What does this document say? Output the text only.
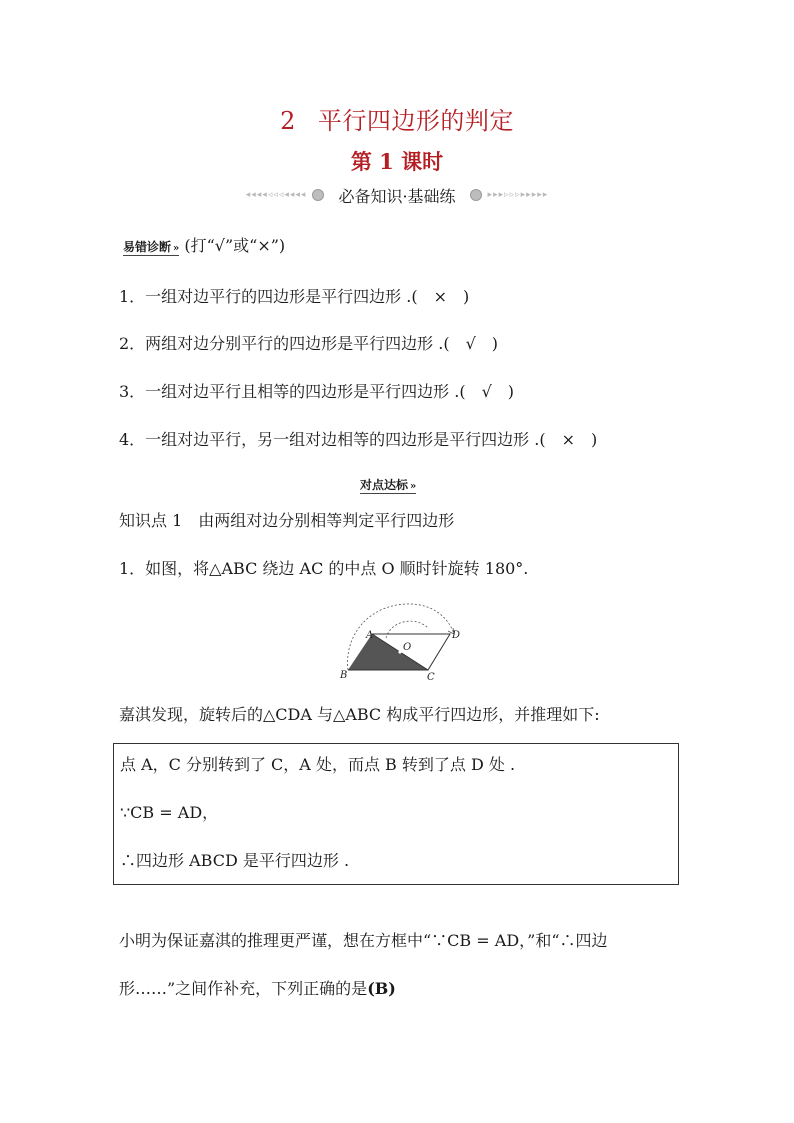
2 平行四边形的判定
第 1 课时
◂◂◂◂◃◃◃◂◂◂◂ 必备知识·基础练	▸▸▸▹▹▹▸▸▸▸▸
易错诊断 » (打“√”或“×”)
1．一组对边平行的四边形是平行四边形 .(　×　)
2．两组对边分别平行的四边形是平行四边形 .(　√　)
3．一组对边平行且相等的四边形是平行四边形 .(　√　)
4．一组对边平行，另一组对边相等的四边形是平行四边形 .(　×　)
对点达标 »
知识点 1　由两组对边分别相等判定平行四边形
1．如图，将△ABC 绕边 AC 的中点 O 顺时针旋转 180°.
A
B	C
D
O
嘉淇发现，旋转后的△CDA 与△ABC 构成平行四边形，并推理如下:
点 A，C 分别转到了 C，A 处，而点 B 转到了点 D 处 .
∵CB = AD，
∴四边形 ABCD 是平行四边形 .
小明为保证嘉淇的推理更严谨，想在方框中“∵CB = AD，”和“∴四边
形……”之间作补充，下列正确的是(B)
